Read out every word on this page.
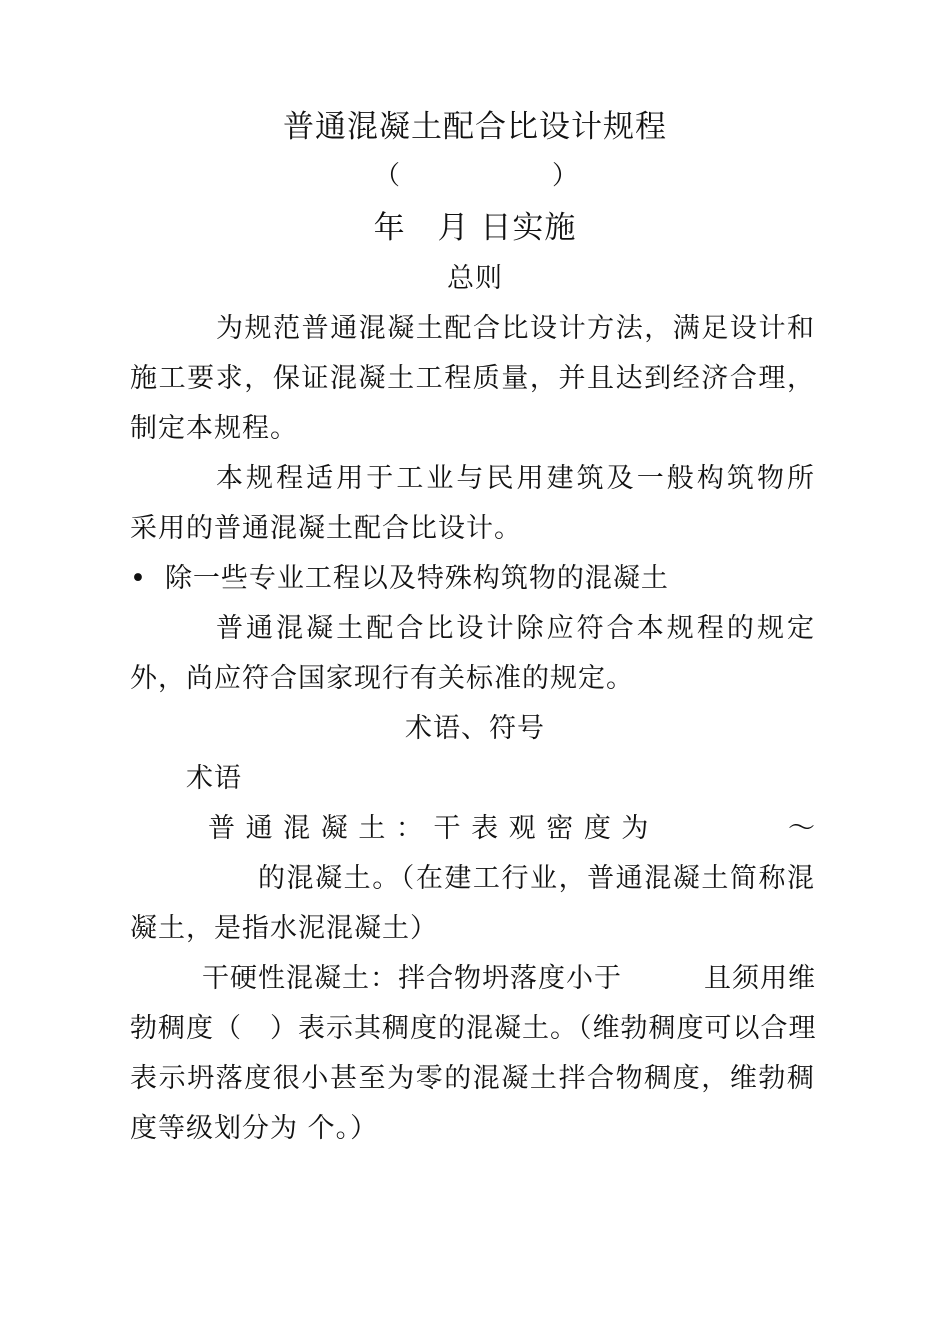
普通混凝土配合比设计规程
（	）
年　月 日实施
总则
为规范普通混凝土配合比设计方法，满足设计和
施工要求，保证混凝土工程质量，并且达到经济合理，
制定本规程。
本规程适用于工业与民用建筑及一般构筑物所
采用的普通混凝土配合比设计。
• 除一些专业工程以及特殊构筑物的混凝土
普通混凝土配合比设计除应符合本规程的规定
外，尚应符合国家现行有关标准的规定。
术语、符号
术语
普 通 混 凝 土 ： 干 表 观 密 度 为	～
的混凝土。（在建工行业，普通混凝土简称混
凝土，是指水泥混凝土）
干硬性混凝土：拌合物坍落度小于	且须用维
勃稠度（　）表示其稠度的混凝土。（维勃稠度可以合理
表示坍落度很小甚至为零的混凝土拌合物稠度，维勃稠
度等级划分为 个。）
